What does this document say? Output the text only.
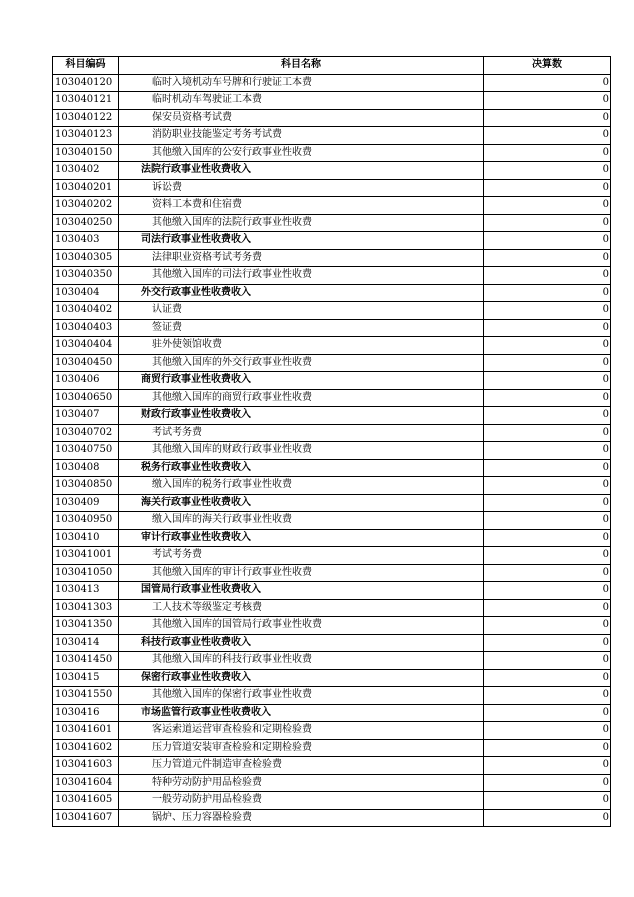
科目编码	科目名称	决算数
103040120	临时入境机动车号牌和行驶证工本费	0
103040121	临时机动车驾驶证工本费	0
103040122	保安员资格考试费	0
103040123	消防职业技能鉴定考务考试费	0
103040150	其他缴入国库的公安行政事业性收费	0
1030402	法院行政事业性收费收入	0
103040201	诉讼费	0
103040202	资料工本费和住宿费	0
103040250	其他缴入国库的法院行政事业性收费	0
1030403	司法行政事业性收费收入	0
103040305	法律职业资格考试考务费	0
103040350	其他缴入国库的司法行政事业性收费	0
1030404	外交行政事业性收费收入	0
103040402	认证费	0
103040403	签证费	0
103040404	驻外使领馆收费	0
103040450	其他缴入国库的外交行政事业性收费	0
1030406	商贸行政事业性收费收入	0
103040650	其他缴入国库的商贸行政事业性收费	0
1030407	财政行政事业性收费收入	0
103040702	考试考务费	0
103040750	其他缴入国库的财政行政事业性收费	0
1030408	税务行政事业性收费收入	0
103040850	缴入国库的税务行政事业性收费	0
1030409	海关行政事业性收费收入	0
103040950	缴入国库的海关行政事业性收费	0
1030410	审计行政事业性收费收入	0
103041001	考试考务费	0
103041050	其他缴入国库的审计行政事业性收费	0
1030413	国管局行政事业性收费收入	0
103041303	工人技术等级鉴定考核费	0
103041350	其他缴入国库的国管局行政事业性收费	0
1030414	科技行政事业性收费收入	0
103041450	其他缴入国库的科技行政事业性收费	0
1030415	保密行政事业性收费收入	0
103041550	其他缴入国库的保密行政事业性收费	0
1030416	市场监管行政事业性收费收入	0
103041601	客运索道运营审查检验和定期检验费	0
103041602	压力管道安装审查检验和定期检验费	0
103041603	压力管道元件制造审查检验费	0
103041604	特种劳动防护用品检验费	0
103041605	一般劳动防护用品检验费	0
103041607	锅炉、压力容器检验费	0
